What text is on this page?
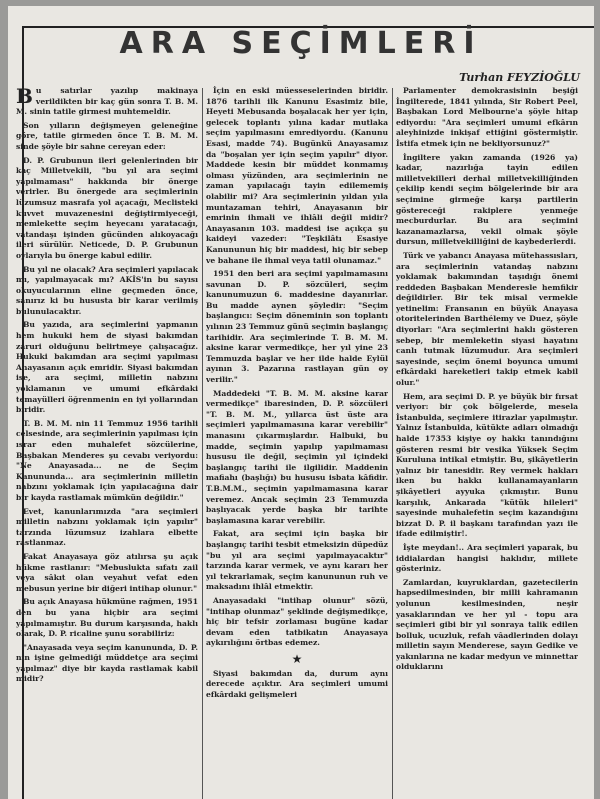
ARA SEÇİMLERİ
Turhan FEYZİOĞLU

Bu satırlar yazılıp makinaya verildikten bir kaç gün sonra T. B. M. M. sinin tatile girmesi muhtemeldir.

Son yılların değişmeyen geleneğine göre, tatile girmeden önce T. B. M. M. sinde şöyle bir sahne cereyan eder:

D. P. Grubunun ileri gelenlerinden bir kaç Milletvekili, "bu yıl ara seçimi yapılmaması" hakkında bir önerge verirler. Bu önergede ara seçimlerinin lüzumsuz masrafa yol açacağı, Meclisteki kuvvet muvazenesini değiştirmiyeceği, memlekette seçim heyecanı yaratacağı, vatandaşı işinden gücünden alıkoyacağı ileri sürülür. Neticede, D. P. Grubunun oylarıyla bu önerge kabul edilir.

Bu yıl ne olacak? Ara seçimleri yapılacak mı, yapılmayacak mı? AKİS'in bu sayısı okuyucularının eline geçmeden önce, sanırız ki bu hususta bir karar verilmiş bulunulacaktır.

Bu yazıda, ara seçimlerini yapmanın hem hukuki hem de siyasi bakımdan zaruri olduğunu belirtmeye çalışacağız. Hukuki bakımdan ara seçimi yapılması Anayasanın açık emridir. Siyasi bakımdan ise, ara seçimi, milletin nabzını yoklamanın ve umumi efkârdaki temayülleri öğrenmenin en iyi yollarından biridir.

T. B. M. M. nin 11 Temmuz 1956 tarihli celsesinde, ara seçimlerinin yapılması için ısrar eden muhalefet sözcülerine, Başbakan Menderes şu cevabı veriyordu: "Ne Anayasada... ne de Seçim Kanununda... ara seçimlerinin milletin nabzını yoklamak için yapılacağına dair bir kayda rastlamak mümkün değildir."

Evet, kanunlarımızda "ara seçimleri milletin nabzını yoklamak için yapılır" tarzında lüzumsuz izahlara elbette rastlanmaz.

Fakat Anayasaya göz atılırsa şu açık hükme rastlanır: "Mebuslukta sıfatı zail veya sâkıt olan veyahut vefat eden mebusun yerine bir diğeri intihap olunur."

Bu açık Anayasa hükmüne rağmen, 1951 den bu yana hiçbir ara seçimi yapılmamıştır. Bu durum karşısında, haklı olarak, D. P. ricaline şunu sorabiliriz:

"Anayasada veya seçim kanununda, D. P. nin işine gelmediği müddetçe ara seçimi yapılmaz" diye bir kayda rastlamak kabil midir?

İçin en eski müesseselerinden biridir. 1876 tarihli ilk Kanunu Esasimiz bile, Heyeti Mebusanda boşalacak her yer için, gelecek toplantı yılına kadar mutlaka seçim yapılmasını emrediyordu. (Kanunu Esasi, madde 74). Bugünkü Anayasamız da "boşalan yer için seçim yapılır" diyor. Maddede kesin bir müddet konmamış olması yüzünden, ara seçimlerinin ne zaman yapılacağı tayin edilememiş olabilir mi? Ara seçimlerinin yıldan yıla muntazaman tehiri, Anayasanın bir emrinin ihmali ve ihlâli değil midir? Anayasanın 103. maddesi ise açıkça şu kaideyi vazeder: "Teşkilâtı Esasiye Kanununun hiç bir maddesi, hiç bir sebep ve bahane ile ihmal veya tatil olunamaz."

1951 den beri ara seçimi yapılmamasını savunan D. P. sözcüleri, seçim kanunumuzun 6. maddesine dayanırlar. Bu madde aynen şöyledir: "Seçim başlangıcı: Seçim döneminin son toplantı yılının 23 Temmuz günü seçimin başlangıç tarihidir. Ara seçimlerinde T. B. M. M. aksine karar vermedikçe, her yıl yine 23 Temmuzda başlar ve her ilde halde Eylül ayının 3. Pazarına rastlayan gün oy verilir."

Maddedeki "T. B. M. M. aksine karar vermedikçe" ibaresinden, D. P. sözcüleri "T. B. M. M., yıllarca üst üste ara seçimleri yapılmamasına karar verebilir" manasını çıkarmışlardır. Halbuki, bu madde, seçimin yapılıp yapılmaması hususu ile değil, seçimin yıl içindeki başlangıç tarihi ile ilgilidir. Maddenin mafiahı (başlığı) bu hususu isbata kâfidir. T.B.M.M., seçimin yapılmamasına karar veremez. Ancak seçimin 23 Temmuzda başlıyacak yerde başka bir tarihte başlamasına karar verebilir.

Fakat, ara seçimi için başka bir başlangıç tarihi tesbit etmeksizin düpedüz "bu yıl ara seçimi yapılmayacaktır" tarzında karar vermek, ve aynı kararı her yıl tekrarlamak, seçim kanununun ruh ve maksadını ihlâl etmektir.

Anayasadaki "intihap olunur" sözü, "intihap olunmaz" şeklinde değişmedikçe, hiç bir tefsir zorlaması bugüne kadar devam eden tatbikatın Anayasaya aykırılığını örtbas edemez.

★

Siyasi bakımdan da, durum aynı derecede açıktır. Ara seçimleri umumi efkârdaki gelişmeleri

Parlamenter demokrasisinin beşiği İngilterede, 1841 yılında, Sir Robert Peel, Başbakan Lord Melbourne'a şöyle hitap ediyordu: "Ara seçimleri umumi efkârın aleyhinizde inkişaf ettiğini göstermiştir. İstifa etmek için ne bekliyorsunuz?"

İngiltere yakın zamanda (1926 ya) kadar, nazırlığa tayin edilen milletvekilleri derhal milletvekilliğinden çekilip kendi seçim bölgelerinde bir ara seçimine girmeğe karşı partilerin göstereceği rakiplere yenmeğe mecburdurlar. Bu ara seçimini kazanamazlarsa, vekil olmak şöyle dursun, milletvekilliğini de kaybederlerdi.

Türk ve yabancı Anayasa mütehassısları, ara seçimlerinin vatandaş nabzını yoklamak bakımından taşıdığı önemi reddeden Başbakan Menderesle hemfikir değildirler. Bir tek misal vermekle yetinelim: Fransanın en büyük Anayasa otoritelerinden Barthélemy ve Duez, şöyle diyorlar: "Ara seçimlerini haklı gösteren sebep, bir memleketin siyasi hayatını canlı tutmak lüzumudur. Ara seçimleri sayesinde, seçim önemi boyunca umumi efkârdaki hareketleri takip etmek kabil olur."

Hem, ara seçimi D. P. ye büyük bir fırsat veriyor: bir çok bölgelerde, mesela İstanbulda, seçimlere itirazlar yapılmıştır. Yalnız İstanbulda, kütükte adları olmadığı halde 17353 kişiye oy hakkı tanındığını gösteren resmi bir vesika Yüksek Seçim Kuruluna intikal etmiştir. Bu, şikâyetlerin yalnız bir tanesidir. Rey vermek hakları iken bu hakkı kullanamayanların şikâyetleri ayyuka çıkmıştır. Bunu karşılık, Ankarada "kütük hileleri" sayesinde muhalefetin seçim kazandığını bizzat D. P. il başkanı tarafından yazı ile ifade edilmiştir!.

İşte meydan!.. Ara seçimleri yaparak, bu iddialardan hangisi haklıdır, millete gösteriniz.

Zamlardan, kuyruklardan, gazetecilerin hapsedilmesinden, bir milli kahramanın yolunun kesilmesinden, neşir yasaklarından ve her yıl - topu ara seçimleri gibi bir yıl sonraya talik edilen bolluk, ucuzluk, refah vâadlerinden dolayı milletin sayın Menderese, sayın Gedike ve yakınlarına ne kadar medyun ve minnettar olduklarını
